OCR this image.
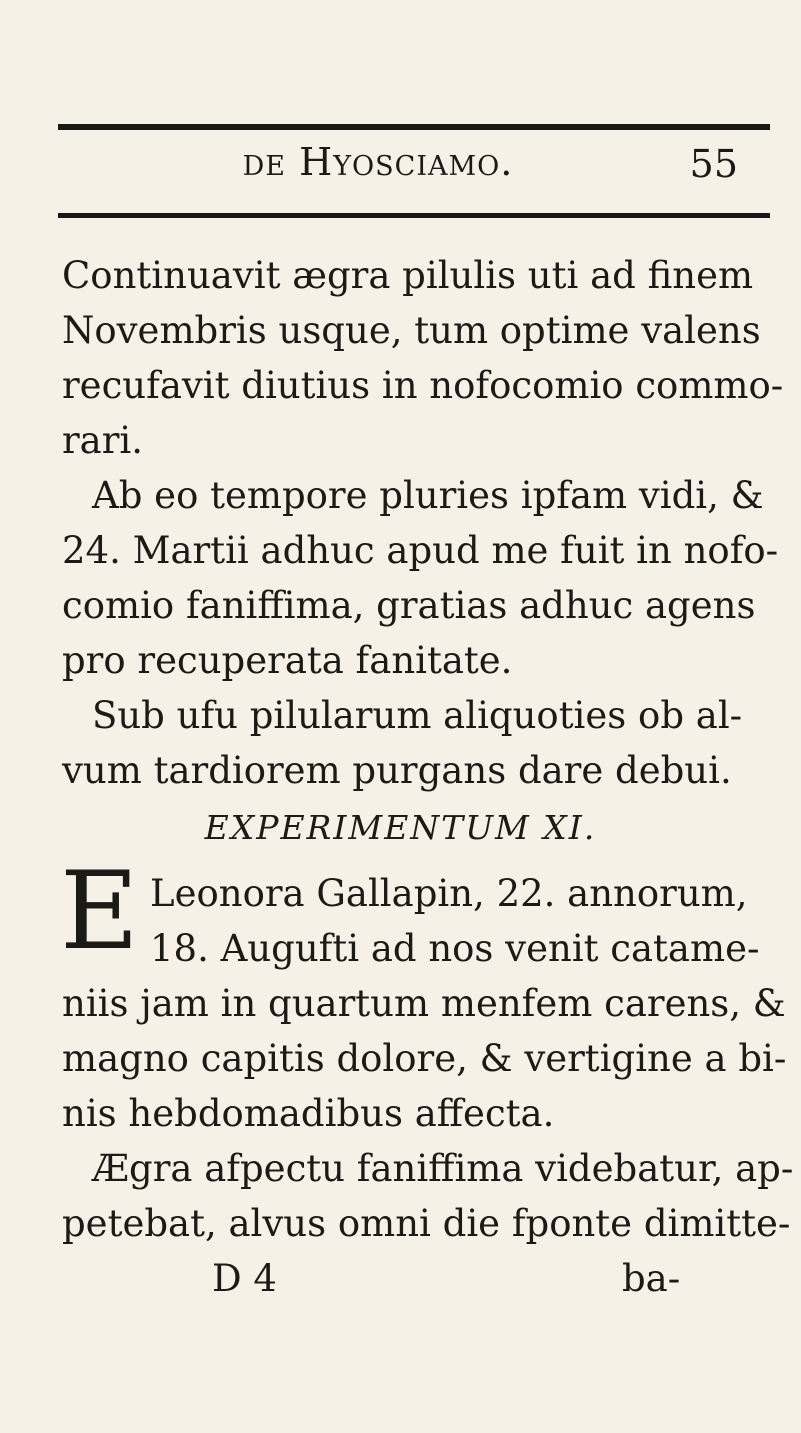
de Hyosciamo.	55
Continuavit ægra pilulis uti ad finem
Novembris usque, tum optime valens
recufavit diutius in nofocomio commo-
rari.
Ab eo tempore pluries ipfam vidi, &
24. Martii adhuc apud me fuit in nofo-
comio faniffima, gratias adhuc agens
pro recuperata fanitate.
Sub ufu pilularum aliquoties ob al-
vum tardiorem purgans dare debui.
EXPERIMENTUM XI.
E Leonora Gallapin, 22. annorum,
18. Augufti ad nos venit catame-
niis jam in quartum menfem carens, &
magno capitis dolore, & vertigine a bi-
nis hebdomadibus affecta.
Ægra afpectu faniffima videbatur, ap-
petebat, alvus omni die fponte dimitte-
D 4	ba-
